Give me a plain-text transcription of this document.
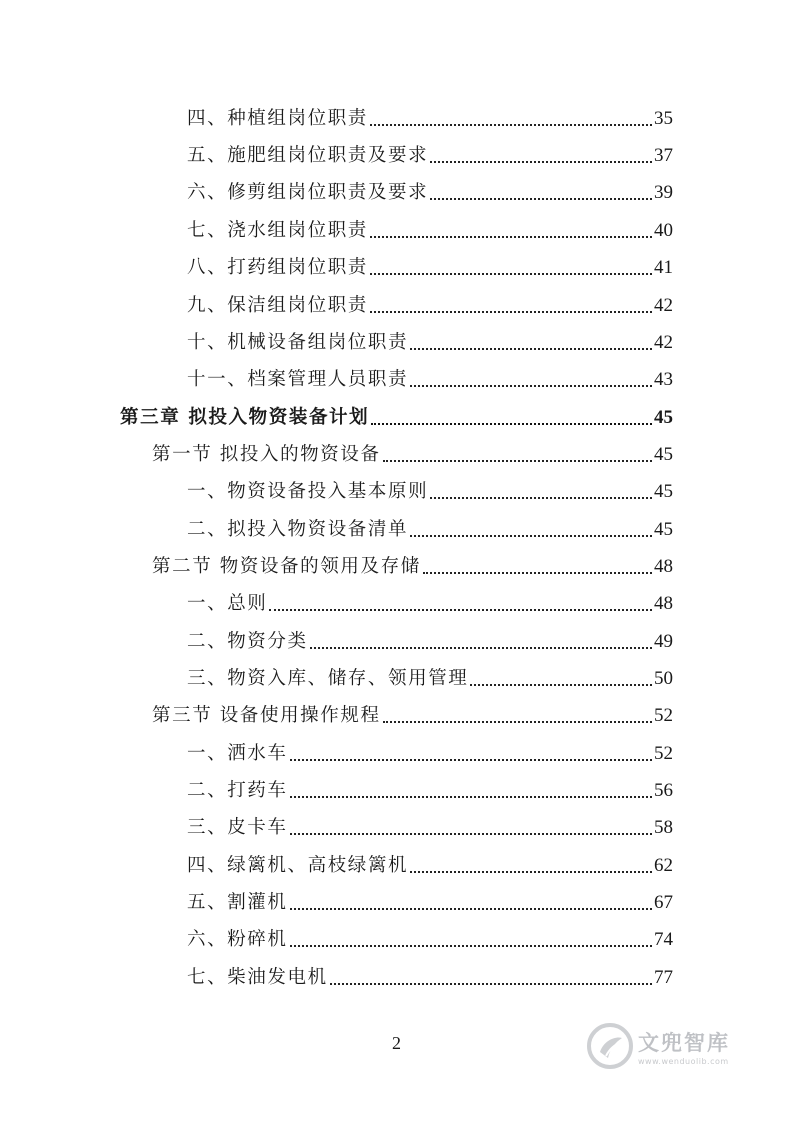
四、种植组岗位职责	35
五、施肥组岗位职责及要求	37
六、修剪组岗位职责及要求	39
七、浇水组岗位职责	40
八、打药组岗位职责	41
九、保洁组岗位职责	42
十、机械设备组岗位职责	42
十一、档案管理人员职责	43
第三章 拟投入物资装备计划	45
第一节 拟投入的物资设备	45
一、物资设备投入基本原则	45
二、拟投入物资设备清单	45
第二节 物资设备的领用及存储	48
一、总则	48
二、物资分类	49
三、物资入库、储存、领用管理	50
第三节 设备使用操作规程	52
一、洒水车	52
二、打药车	56
三、皮卡车	58
四、绿篱机、高枝绿篱机	62
五、割灌机	67
六、粉碎机	74
七、柴油发电机	77
2	文兜智库
www.wenduolib.com
